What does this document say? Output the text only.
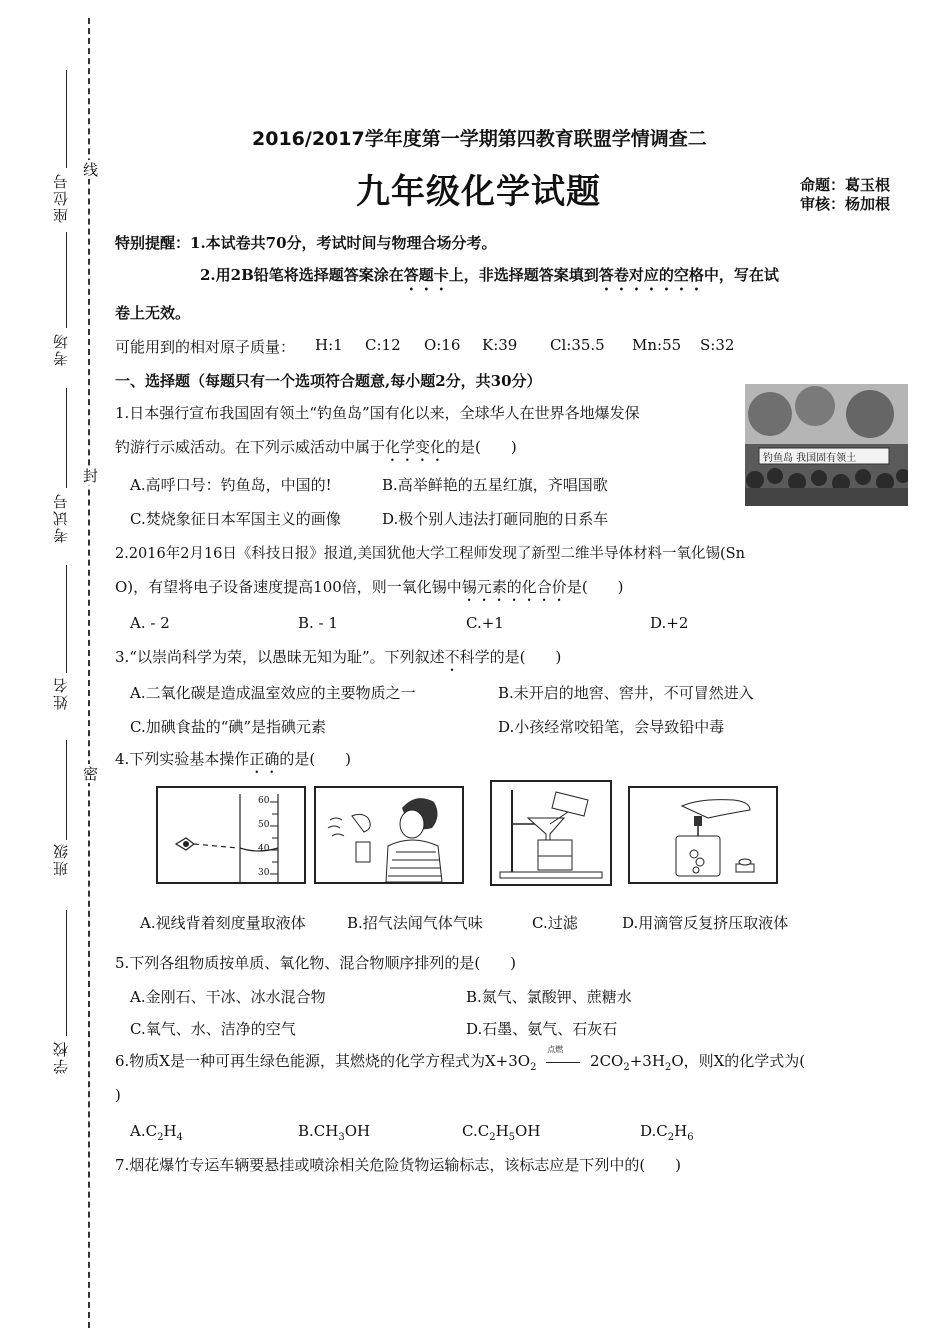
线
封
密
座位号
考场
考试号
姓名
班级
学校
2016/2017学年度第一学期第四教育联盟学情调查二
九年级化学试题	命题：葛玉根
审核：杨加根
特别提醒：1.本试卷共70分，考试时间与物理合场分考。
2.用2B铅笔将选择题答案涂在答题卡上，非选择题答案填到答卷对应的空格中，写在试
卷上无效。
可能用到的相对原子质量： H:1 C:12 O:16 K:39 Cl:35.5 Mn:55 S:32
一、选择题（每题只有一个选项符合题意,每小题2分，共30分）
钓鱼岛 我国固有领土
1.日本强行宣布我国固有领土“钓鱼岛”国有化以来，全球华人在世界各地爆发保
钓游行示威活动。在下列示威活动中属于化学变化的是(　　)
A.高呼口号：钓鱼岛，中国的!	B.高举鲜艳的五星红旗，齐唱国歌
C.焚烧象征日本军国主义的画像	D.极个别人违法打砸同胞的日系车
2.2016年2月16日《科技日报》报道,美国犹他大学工程师发现了新型二维半导体材料一氧化锡(Sn
O)，有望将电子设备速度提高100倍，则一氧化锡中锡元素的化合价是(　　)
A. - 2	B. - 1	C.+1	D.+2
3.“以崇尚科学为荣，以愚昧无知为耻”。下列叙述不科学的是(　　)
A.二氧化碳是造成温室效应的主要物质之一	B.未开启的地窖、窖井，不可冒然进入
C.加碘食盐的“碘”是指碘元素	D.小孩经常咬铅笔，会导致铅中毒
4.下列实验基本操作正确的是(　　)
60
50
40
30
A.视线背着刻度量取液体	B.招气法闻气体气味	C.过滤	D.用滴管反复挤压取液体
5.下列各组物质按单质、氧化物、混合物顺序排列的是(　　)
A.金刚石、干冰、冰水混合物	B.氮气、氯酸钾、蔗糖水
C.氧气、水、洁净的空气	D.石墨、氨气、石灰石
6.物质X是一种可再生绿色能源，其燃烧的化学方程式为$X+3O_2$
点燃
$2CO_2+3H_2O$，则X的化学式为(
)
$A.C_2H_4$	$B.CH_3OH$	$C.C_2H_5OH$	$D.C_2H_6$
7.烟花爆竹专运车辆要悬挂或喷涂相关危险货物运输标志，该标志应是下列中的(　　)
